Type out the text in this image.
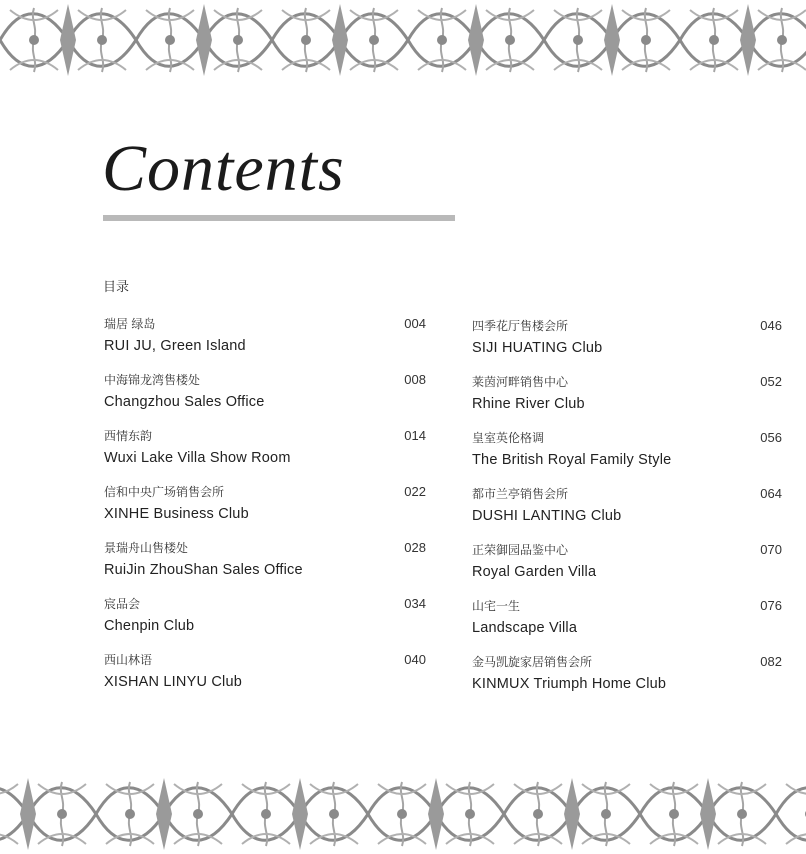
Contents
目录
瑞居 绿岛
RUI JU, Green Island
004
中海锦龙湾售楼处
Changzhou Sales Office
008
西情东韵
Wuxi Lake Villa Show Room
014
信和中央广场销售会所
XINHE Business Club
022
景瑞舟山售楼处
RuiJin ZhouShan Sales Office
028
宸品会
Chenpin Club
034
西山林语
XISHAN LINYU Club
040
四季花厅售楼会所
SIJI HUATING Club
046
莱茵河畔销售中心
Rhine River Club
052
皇室英伦格调
The British Royal Family Style
056
都市兰亭销售会所
DUSHI LANTING Club
064
正荣御园品鉴中心
Royal Garden Villa
070
山宅一生
Landscape Villa
076
金马凯旋家居销售会所
KINMUX Triumph Home Club
082
